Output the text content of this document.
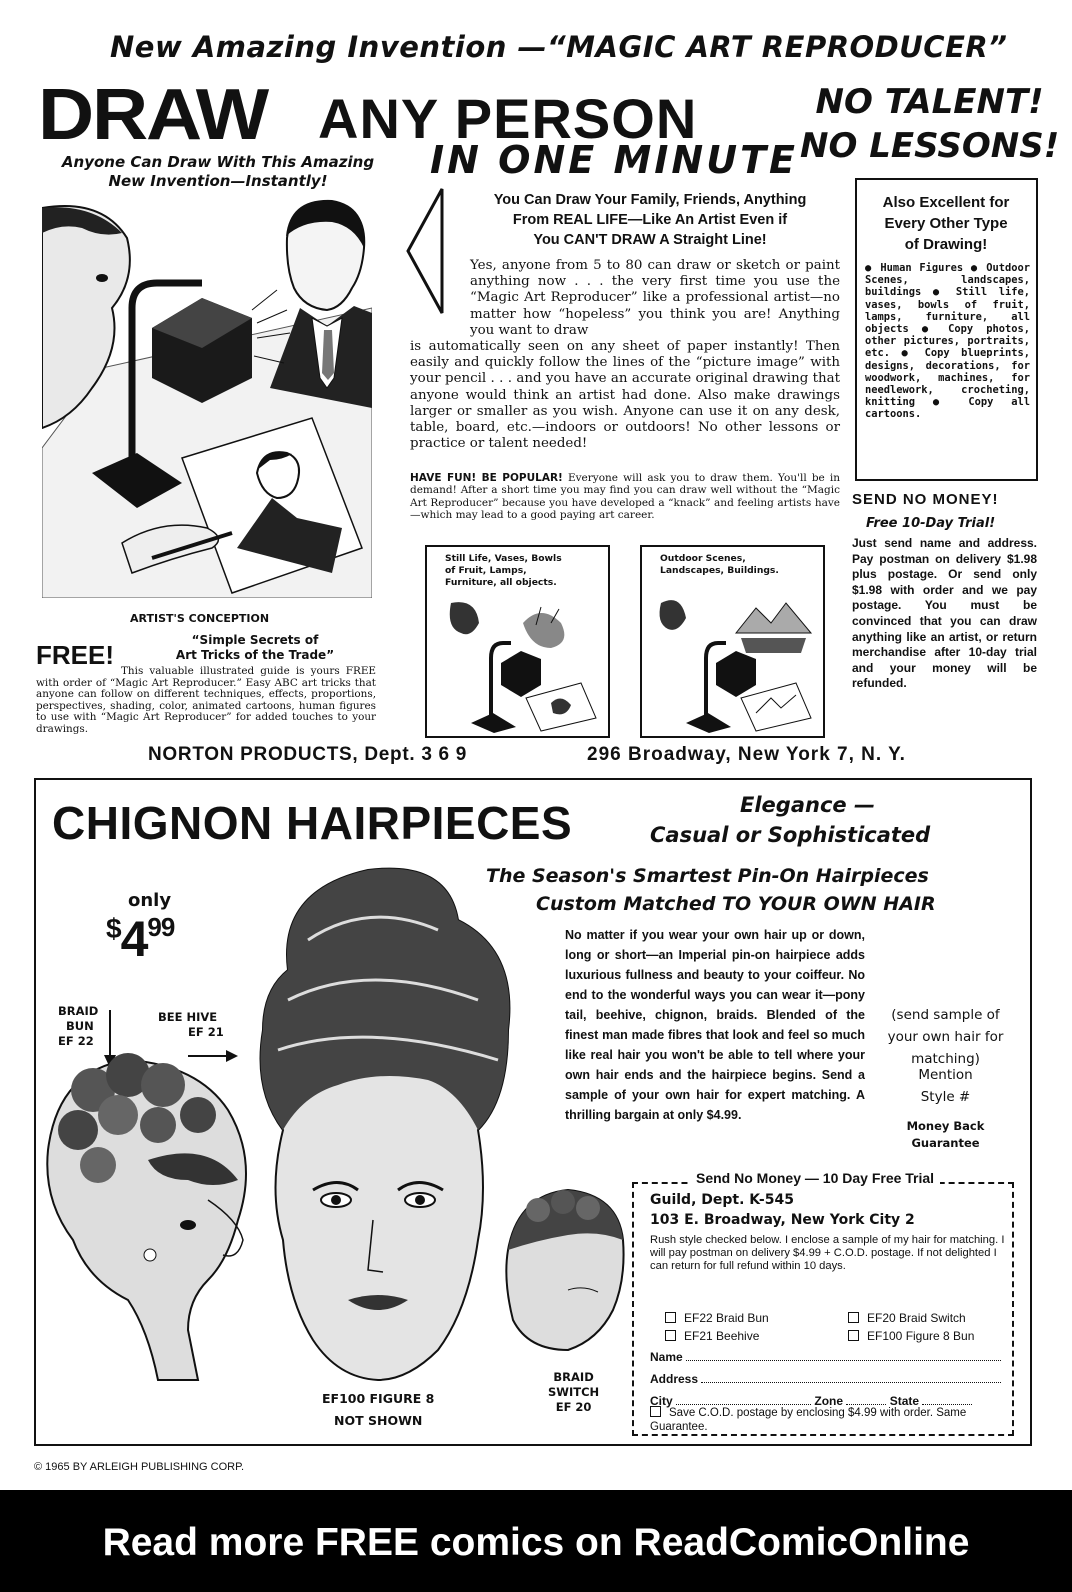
New Amazing Invention —“MAGIC ART REPRODUCER”
DRAW ANY PERSON	NO TALENT!
NO LESSONS!
IN ONE MINUTE
Anyone Can Draw With This Amazing
New Invention—Instantly!
ARTIST'S CONCEPTION
FREE!	“Simple Secrets of
Art Tricks of the Trade”
This valuable illustrated guide is yours FREE with order of “Magic Art Reproducer.” Easy ABC art tricks that anyone can follow on different techniques, effects, proportions, perspectives, shading, color, animated cartoons, human figures to use with “Magic Art Reproducer” for added touches to your drawings.
You Can Draw Your Family, Friends, Anything
From REAL LIFE—Like An Artist Even if
You CAN'T DRAW A Straight Line!
Yes, anyone from 5 to 80 can draw or sketch or paint anything now . . . the very first time you use the “Magic Art Reproducer” like a professional artist—no matter how “hopeless” you think you are! Anything you want to draw
is automatically seen on any sheet of paper instantly! Then easily and quickly follow the lines of the “picture image” with your pencil . . . and you have an accurate original drawing that anyone would think an artist had done. Also make drawings larger or smaller as you wish. Anyone can use it on any desk, table, board, etc.—indoors or outdoors! No other lessons or practice or talent needed!
HAVE FUN! BE POPULAR! Everyone will ask you to draw them. You'll be in demand! After a short time you may find you can draw well without the “Magic Art Reproducer” because you have developed a “knack” and feeling artists have—which may lead to a good paying art career.
Still Life, Vases, Bowls of Fruit, Lamps, Furniture, all objects.
Outdoor Scenes, Landscapes, Buildings.
Also Excellent for
Every Other Type
of Drawing!
● Human Figures ● Outdoor Scenes, landscapes, buildings ● Still life, vases, bowls of fruit, lamps, furniture, all objects ● Copy photos, other pictures, portraits, etc. ● Copy blueprints, designs, decorations, for woodwork, machines, for needlework, crocheting, knitting ● Copy all cartoons.
SEND NO MONEY!
Free 10-Day Trial!
Just send name and address. Pay postman on delivery $1.98 plus postage. Or send only $1.98 with order and we pay postage. You must be convinced that you can draw anything like an artist, or return merchandise after 10-day trial and your money will be refunded.
NORTON PRODUCTS, Dept. 3 6 9	296 Broadway, New York 7, N. Y.
CHIGNON HAIRPIECES	Elegance —
Casual or Sophisticated
The Season's Smartest Pin-On Hairpieces
Custom Matched TO YOUR OWN HAIR
only
$^{\$}4^{99}$	No matter if you wear your own hair up or down, long or short—an Imperial pin-on hairpiece adds luxurious fullness and beauty to your coiffeur. No end to the wonderful ways you can wear it—pony tail, beehive, chignon, braids. Blended of the finest man made fibres that look and feel so much like real hair you won't be able to tell where your own hair ends and the hairpiece begins. Send a sample of your own hair for expert matching. A thrilling bargain at only $4.99.
(send sample of your own hair for matching)
Mention
Style #
Money Back
Guarantee
BRAID
BUN
EF 22
BEE HIVE
EF 21
EF100 FIGURE 8
NOT SHOWN
BRAID
SWITCH
EF 20
Send No Money — 10 Day Free Trial
Guild, Dept. K-545
103 E. Broadway, New York City 2
Rush style checked below. I enclose a sample of my hair for matching. I will pay postman on delivery $4.99 + C.O.D. postage. If not delighted I can return for full refund within 10 days.
EF22 Braid Bun	EF20 Braid Switch
EF21 Beehive	EF100 Figure 8 Bun
Name
Address
City	Zone	State
Save C.O.D. postage by enclosing $4.99 with order. Same Guarantee.
© 1965 BY ARLEIGH PUBLISHING CORP.
Read more FREE comics on ReadComicOnline
